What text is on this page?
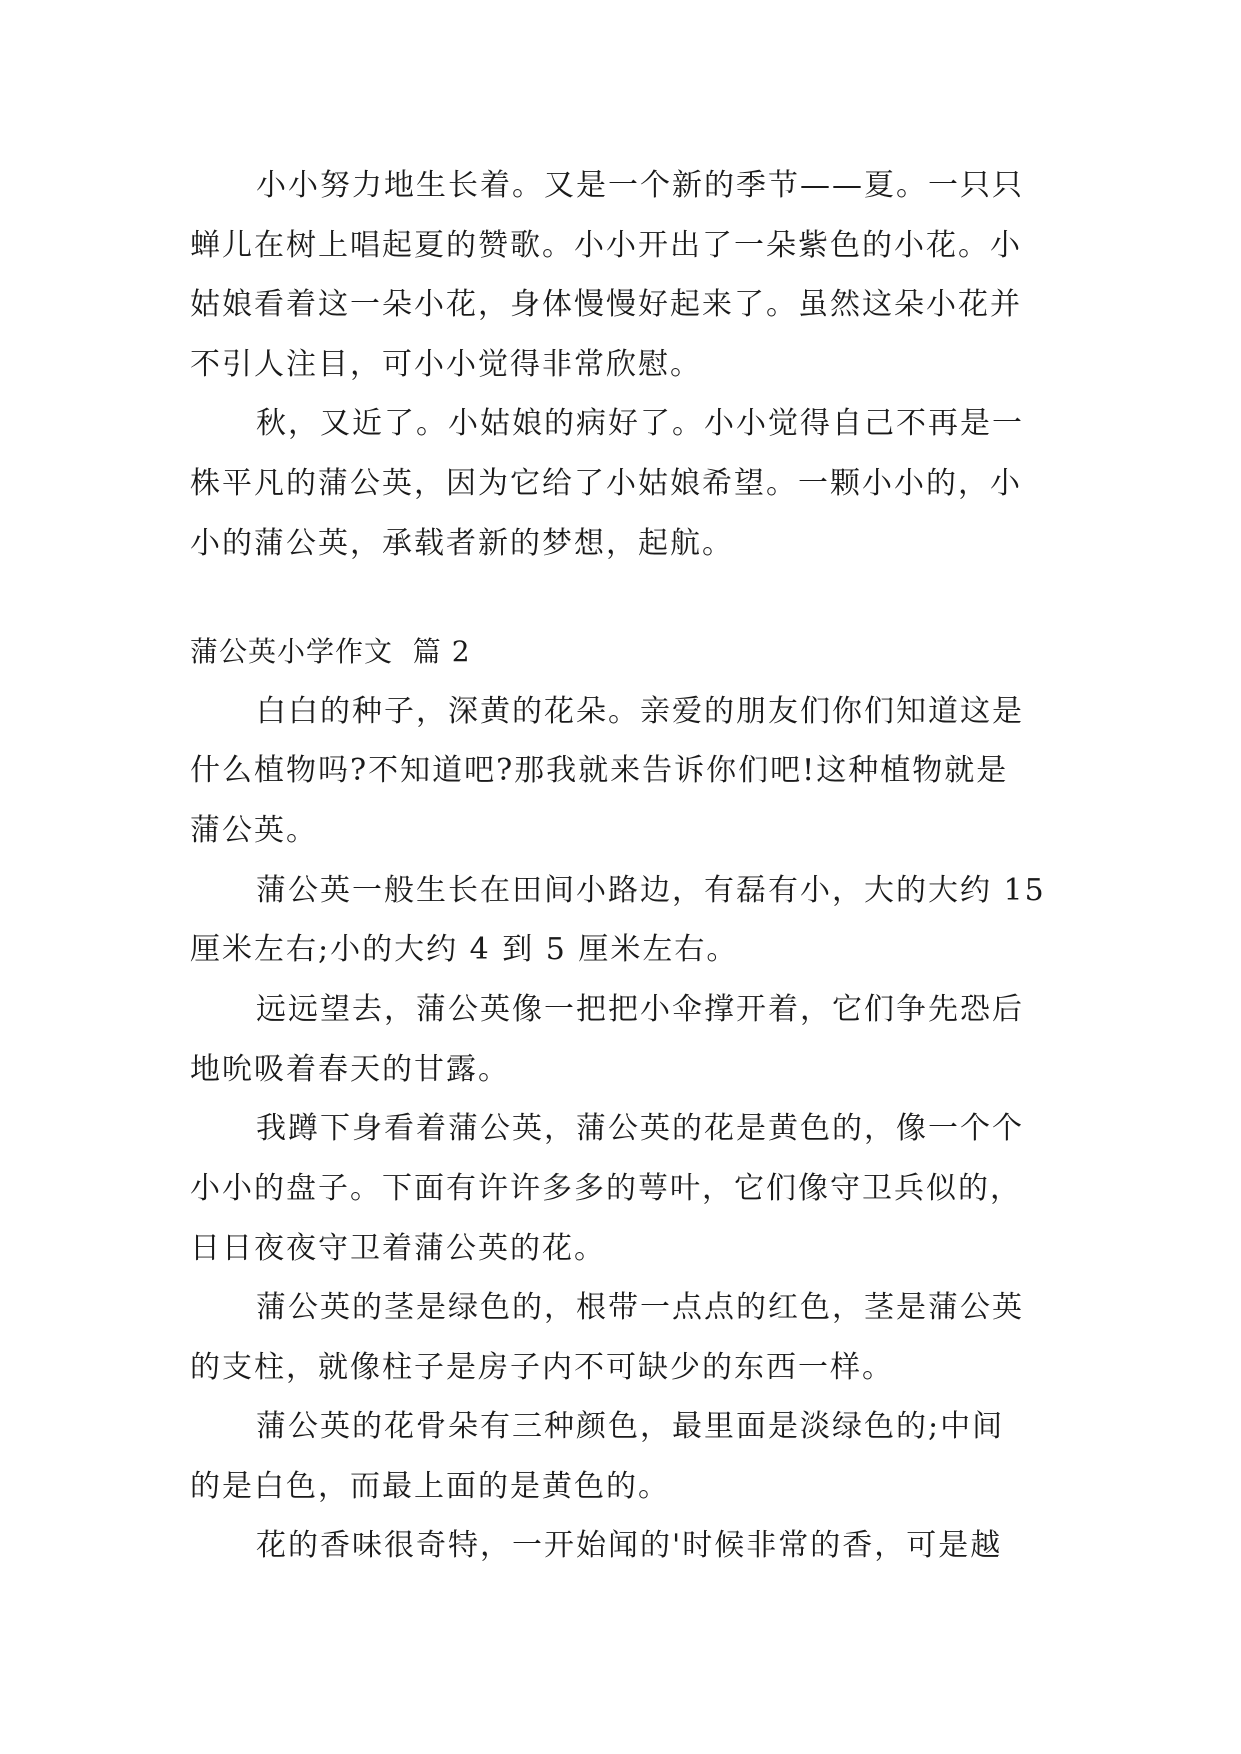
小小努力地生长着。又是一个新的季节——夏。一只只
蝉儿在树上唱起夏的赞歌。小小开出了一朵紫色的小花。小
姑娘看着这一朵小花，身体慢慢好起来了。虽然这朵小花并
不引人注目，可小小觉得非常欣慰。
秋，又近了。小姑娘的病好了。小小觉得自己不再是一
株平凡的蒲公英，因为它给了小姑娘希望。一颗小小的，小
小的蒲公英，承载者新的梦想，起航。
蒲公英小学作文  篇 2
白白的种子，深黄的花朵。亲爱的朋友们你们知道这是
什么植物吗?不知道吧?那我就来告诉你们吧!这种植物就是
蒲公英。
蒲公英一般生长在田间小路边，有磊有小，大的大约 15
厘米左右;小的大约 4 到 5 厘米左右。
远远望去，蒲公英像一把把小伞撑开着，它们争先恐后
地吮吸着春天的甘露。
我蹲下身看着蒲公英，蒲公英的花是黄色的，像一个个
小小的盘子。下面有许许多多的萼叶，它们像守卫兵似的，
日日夜夜守卫着蒲公英的花。
蒲公英的茎是绿色的，根带一点点的红色，茎是蒲公英
的支柱，就像柱子是房子内不可缺少的东西一样。
蒲公英的花骨朵有三种颜色，最里面是淡绿色的;中间
的是白色，而最上面的是黄色的。
花的香味很奇特，一开始闻的'时候非常的香，可是越
